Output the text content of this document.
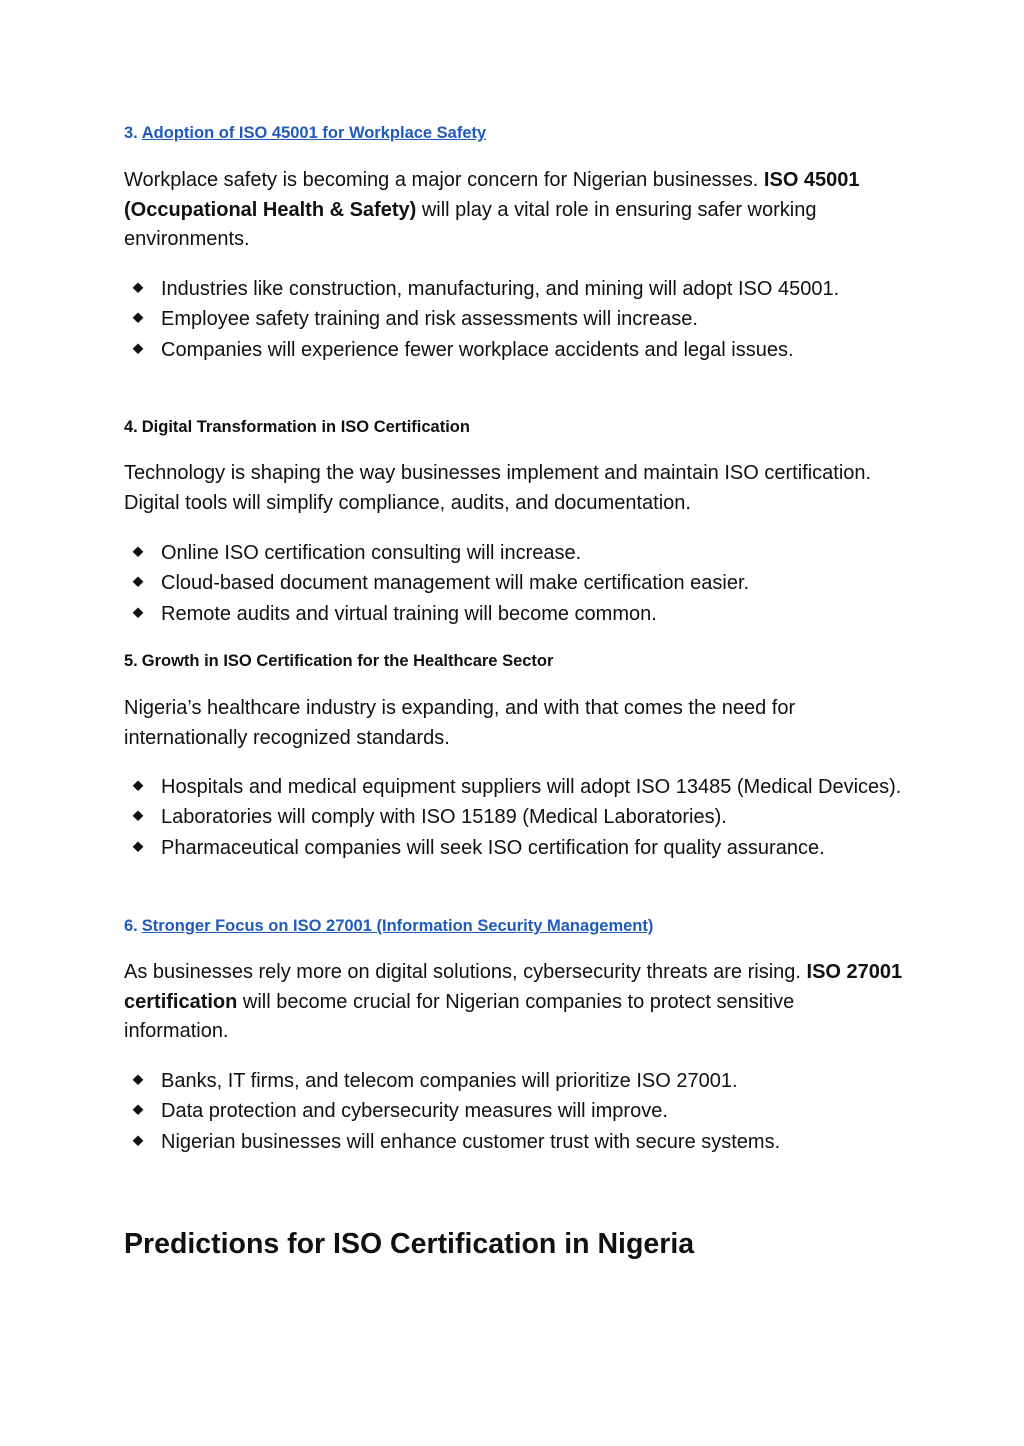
3. Adoption of ISO 45001 for Workplace Safety

Workplace safety is becoming a major concern for Nigerian businesses. ISO 45001 (Occupational Health & Safety) will play a vital role in ensuring safer working environments.

⯁ Industries like construction, manufacturing, and mining will adopt ISO 45001.
⯁ Employee safety training and risk assessments will increase.
⯁ Companies will experience fewer workplace accidents and legal issues.
4. Digital Transformation in ISO Certification

Technology is shaping the way businesses implement and maintain ISO certification. Digital tools will simplify compliance, audits, and documentation.

⯁ Online ISO certification consulting will increase.
⯁ Cloud-based document management will make certification easier.
⯁ Remote audits and virtual training will become common.
5. Growth in ISO Certification for the Healthcare Sector

Nigeria’s healthcare industry is expanding, and with that comes the need for internationally recognized standards.

⯁ Hospitals and medical equipment suppliers will adopt ISO 13485 (Medical Devices).
⯁ Laboratories will comply with ISO 15189 (Medical Laboratories).
⯁ Pharmaceutical companies will seek ISO certification for quality assurance.
6. Stronger Focus on ISO 27001 (Information Security Management)

As businesses rely more on digital solutions, cybersecurity threats are rising. ISO 27001 certification will become crucial for Nigerian companies to protect sensitive information.

⯁ Banks, IT firms, and telecom companies will prioritize ISO 27001.
⯁ Data protection and cybersecurity measures will improve.
⯁ Nigerian businesses will enhance customer trust with secure systems.
Predictions for ISO Certification in Nigeria
